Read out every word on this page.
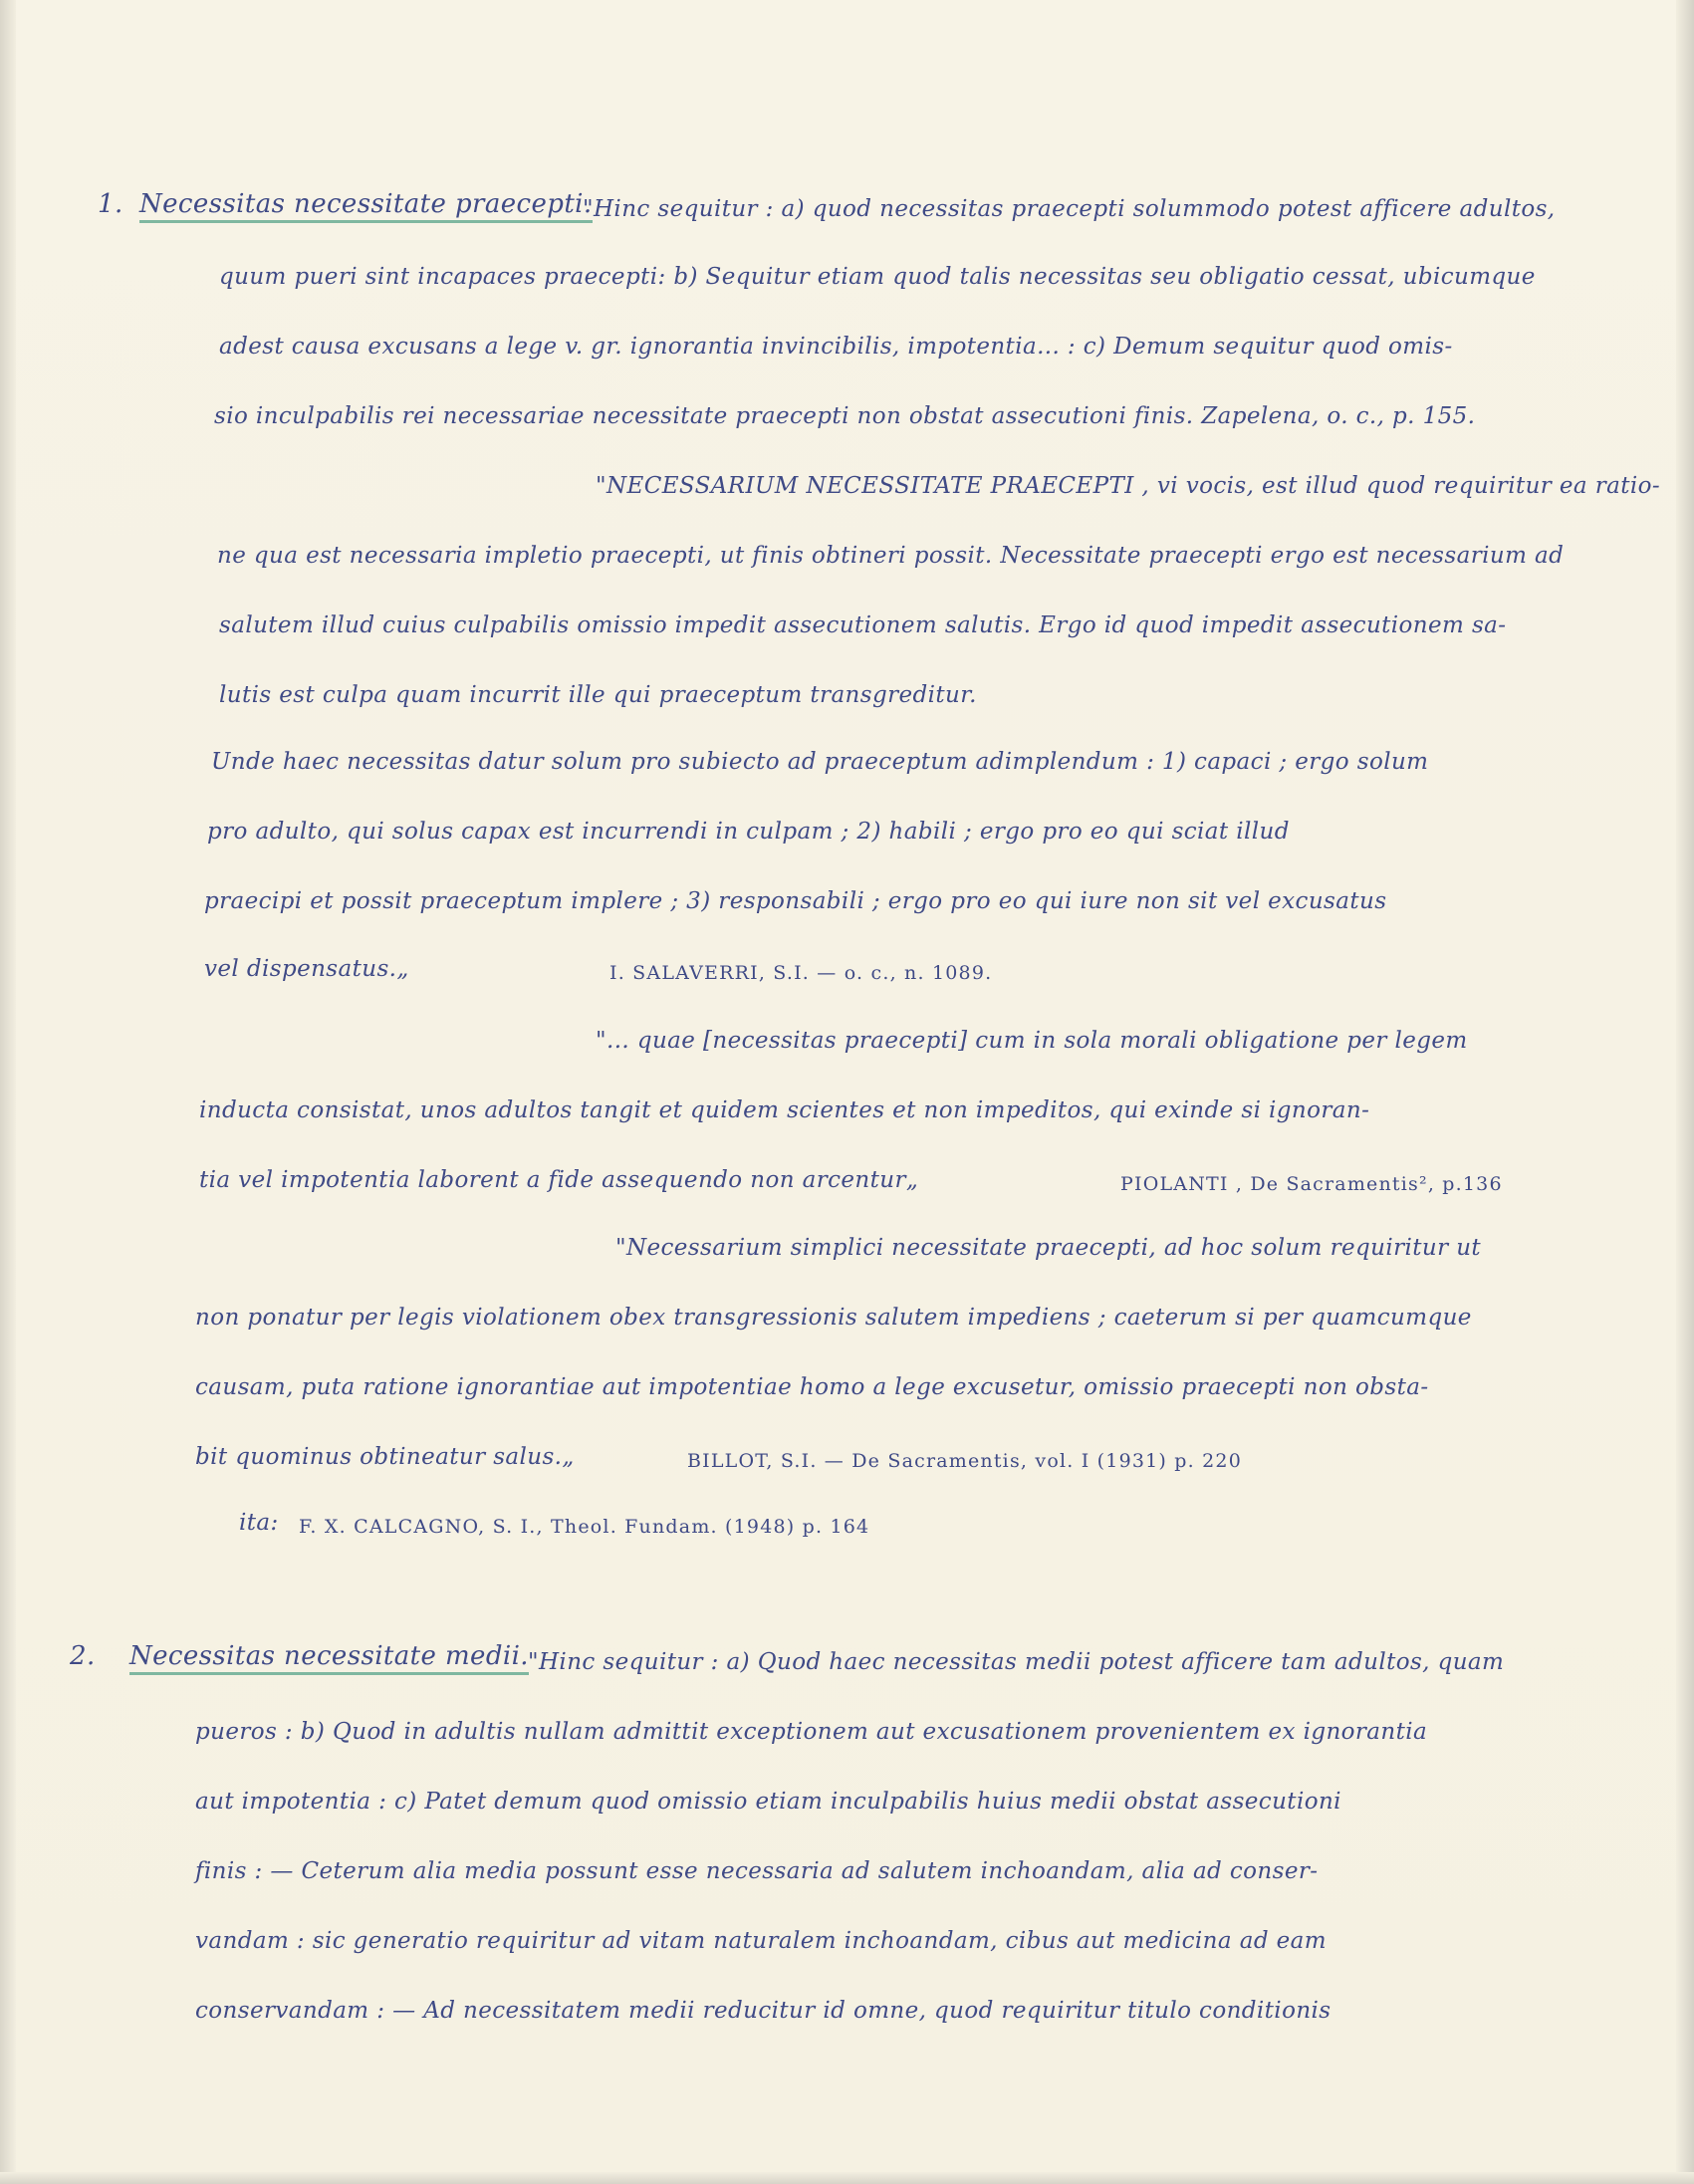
1. Necessitas necessitate praecepti.
"Hinc sequitur : a) quod necessitas praecepti solummodo potest afficere adultos,
quum pueri sint incapaces praecepti: b) Sequitur etiam quod talis necessitas seu obligatio cessat, ubicumque
adest causa excusans a lege v. gr. ignorantia invincibilis, impotentia... : c) Demum sequitur quod omis-
sio inculpabilis rei necessariae necessitate praecepti non obstat assecutioni finis. Zapelena, o. c., p. 155.
"NECESSARIUM NECESSITATE PRAECEPTI , vi vocis, est illud quod requiritur ea ratio-
ne qua est necessaria impletio praecepti, ut finis obtineri possit. Necessitate praecepti ergo est necessarium ad
salutem illud cuius culpabilis omissio impedit assecutionem salutis. Ergo id quod impedit assecutionem sa-
lutis est culpa quam incurrit ille qui praeceptum transgreditur.
Unde haec necessitas datur solum pro subiecto ad praeceptum adimplendum : 1) capaci ; ergo solum
pro adulto, qui solus capax est incurrendi in culpam ; 2) habili ; ergo pro eo qui sciat illud
praecipi et possit praeceptum implere ; 3) responsabili ; ergo pro eo qui iure non sit vel excusatus
vel dispensatus.„	I. SALAVERRI, S.I. — o. c., n. 1089.
"... quae [necessitas praecepti] cum in sola morali obligatione per legem
inducta consistat, unos adultos tangit et quidem scientes et non impeditos, qui exinde si ignoran-
tia vel impotentia laborent a fide assequendo non arcentur„	PIOLANTI , De Sacramentis², p.136
"Necessarium simplici necessitate praecepti, ad hoc solum requiritur ut
non ponatur per legis violationem obex transgressionis salutem impediens ; caeterum si per quamcumque
causam, puta ratione ignorantiae aut impotentiae homo a lege excusetur, omissio praecepti non obsta-
bit quominus obtineatur salus.„	BILLOT, S.I. — De Sacramentis, vol. I (1931) p. 220
ita: F. X. CALCAGNO, S. I., Theol. Fundam. (1948) p. 164
2. Necessitas necessitate medii. "Hinc sequitur : a) Quod haec necessitas medii potest afficere tam adultos, quam
pueros : b) Quod in adultis nullam admittit exceptionem aut excusationem provenientem ex ignorantia
aut impotentia : c) Patet demum quod omissio etiam inculpabilis huius medii obstat assecutioni
finis : — Ceterum alia media possunt esse necessaria ad salutem inchoandam, alia ad conser-
vandam : sic generatio requiritur ad vitam naturalem inchoandam, cibus aut medicina ad eam
conservandam : — Ad necessitatem medii reducitur id omne, quod requiritur titulo conditionis
